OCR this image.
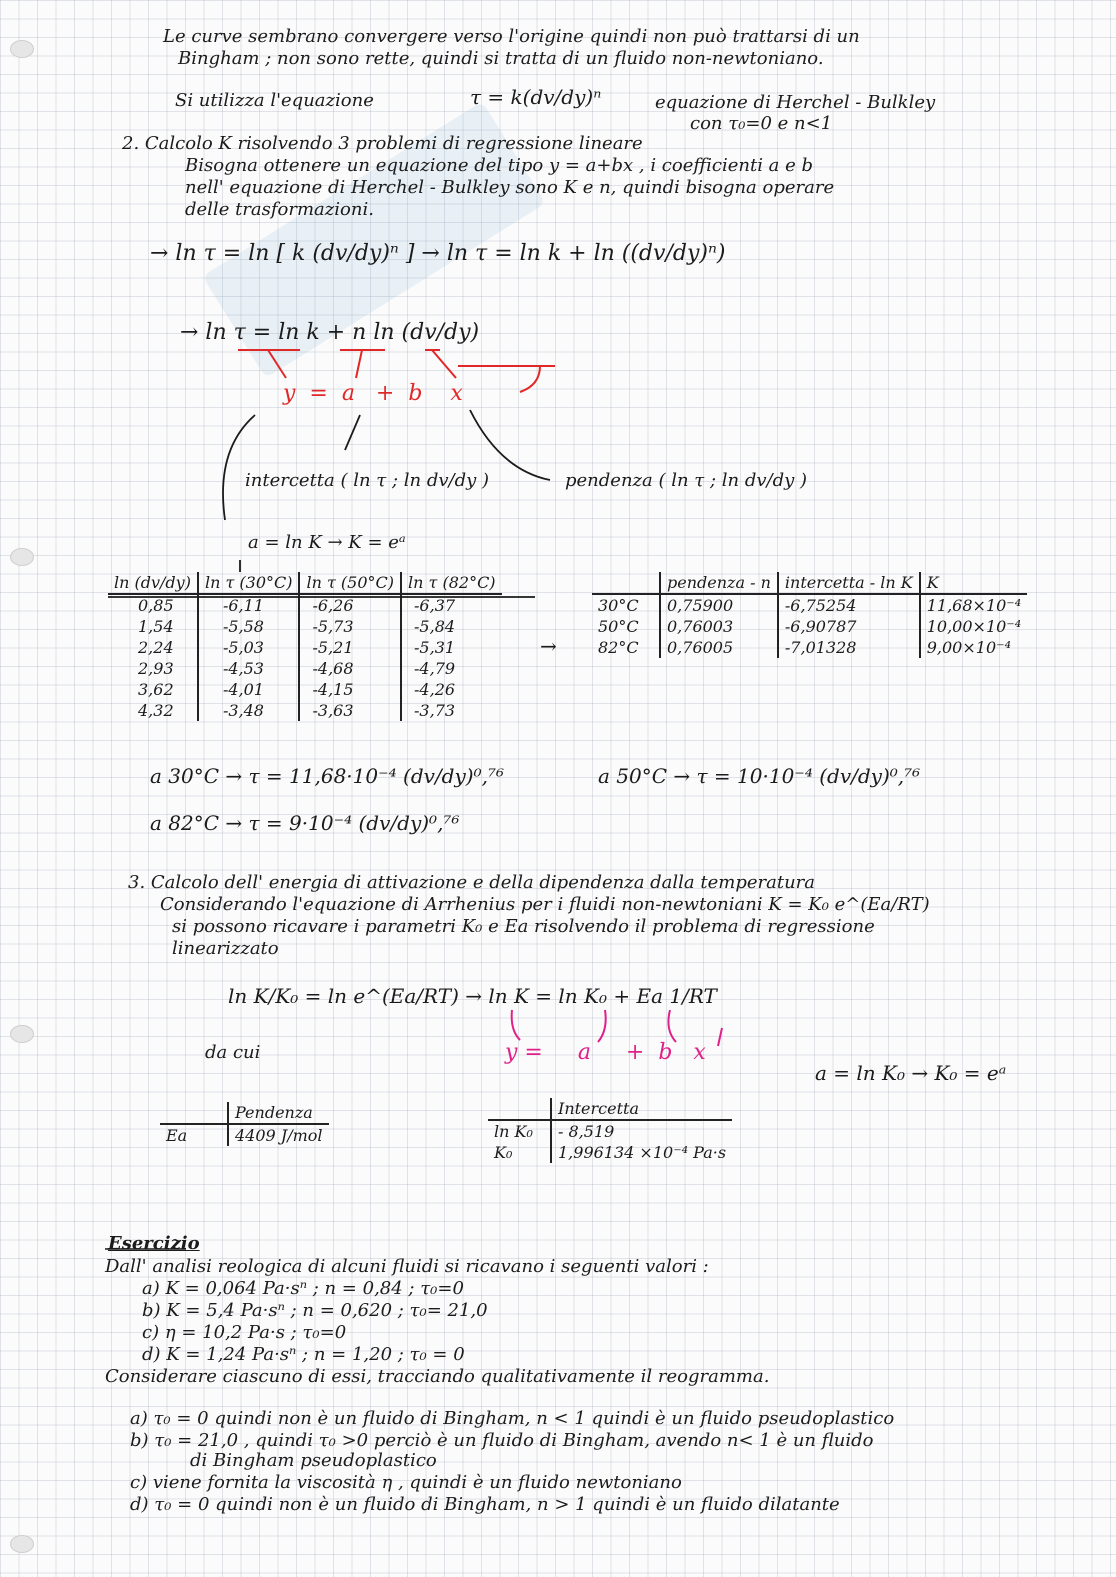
Le curve sembrano convergere verso l'origine quindi non può trattarsi di un
Bingham ; non sono rette, quindi si tratta di un fluido non-newtoniano.
Si utilizza l'equazione	τ = k(dv/dy)ⁿ	equazione di Herchel - Bulkley
con τ₀=0 e n<1
2. Calcolo K risolvendo 3 problemi di regressione lineare
Bisogna ottenere un equazione del tipo y = a+bx , i coefficienti a e b
nell' equazione di Herchel - Bulkley sono K e n, quindi bisogna operare
delle trasformazioni.
→ ln τ = ln [ k (dv/dy)ⁿ ] → ln τ = ln k + ln ((dv/dy)ⁿ)
→ ln τ = ln k + n ln (dv/dy)
y  =  a   +  b    x
intercetta ( ln τ ; ln dv/dy )	pendenza ( ln τ ; ln dv/dy )
a = ln K → K = eᵃ
ln (dv/dy)	ln τ (30°C)	ln τ (50°C)	ln τ (82°C)
0,85	-6,11	-6,26	-6,37
1,54	-5,58	-5,73	-5,84
2,24	-5,03	-5,21	-5,31
2,93	-4,53	-4,68	-4,79
3,62	-4,01	-4,15	-4,26
4,32	-3,48	-3,63	-3,73
→
	pendenza - n	intercetta - ln K	K
30°C	0,75900	-6,75254	11,68×10⁻⁴
50°C	0,76003	-6,90787	10,00×10⁻⁴
82°C	0,76005	-7,01328	9,00×10⁻⁴
a 30°C → τ = 11,68·10⁻⁴ (dv/dy)⁰,⁷⁶	a 50°C → τ = 10·10⁻⁴ (dv/dy)⁰,⁷⁶
a 82°C → τ = 9·10⁻⁴ (dv/dy)⁰,⁷⁶
3. Calcolo dell' energia di attivazione e della dipendenza dalla temperatura
Considerando l'equazione di Arrhenius per i fluidi non-newtoniani K = K₀ e^(Ea/RT)
si possono ricavare i parametri K₀ e Ea risolvendo il problema di regressione
linearizzato
ln K/K₀ = ln e^(Ea/RT) → ln K = ln K₀ + Ea 1/RT
y =     a     +  b   x
da cui
a = ln K₀ → K₀ = eᵃ
	Pendenza
Ea	4409 J/mol
	Intercetta
ln K₀	- 8,519
K₀	1,996134 ×10⁻⁴ Pa·s
Esercizio
Dall' analisi reologica di alcuni fluidi si ricavano i seguenti valori :
a) K = 0,064 Pa·sⁿ ; n = 0,84 ; τ₀=0
b) K = 5,4 Pa·sⁿ ; n = 0,620 ; τ₀= 21,0
c) η = 10,2 Pa·s ; τ₀=0
d) K = 1,24 Pa·sⁿ ; n = 1,20 ; τ₀ = 0
Considerare ciascuno di essi, tracciando qualitativamente il reogramma.
a) τ₀ = 0 quindi non è un fluido di Bingham, n < 1 quindi è un fluido pseudoplastico
b) τ₀ = 21,0 , quindi τ₀ >0 perciò è un fluido di Bingham, avendo n< 1 è un fluido
di Bingham pseudoplastico
c) viene fornita la viscosità η , quindi è un fluido newtoniano
d) τ₀ = 0 quindi non è un fluido di Bingham, n > 1 quindi è un fluido dilatante
